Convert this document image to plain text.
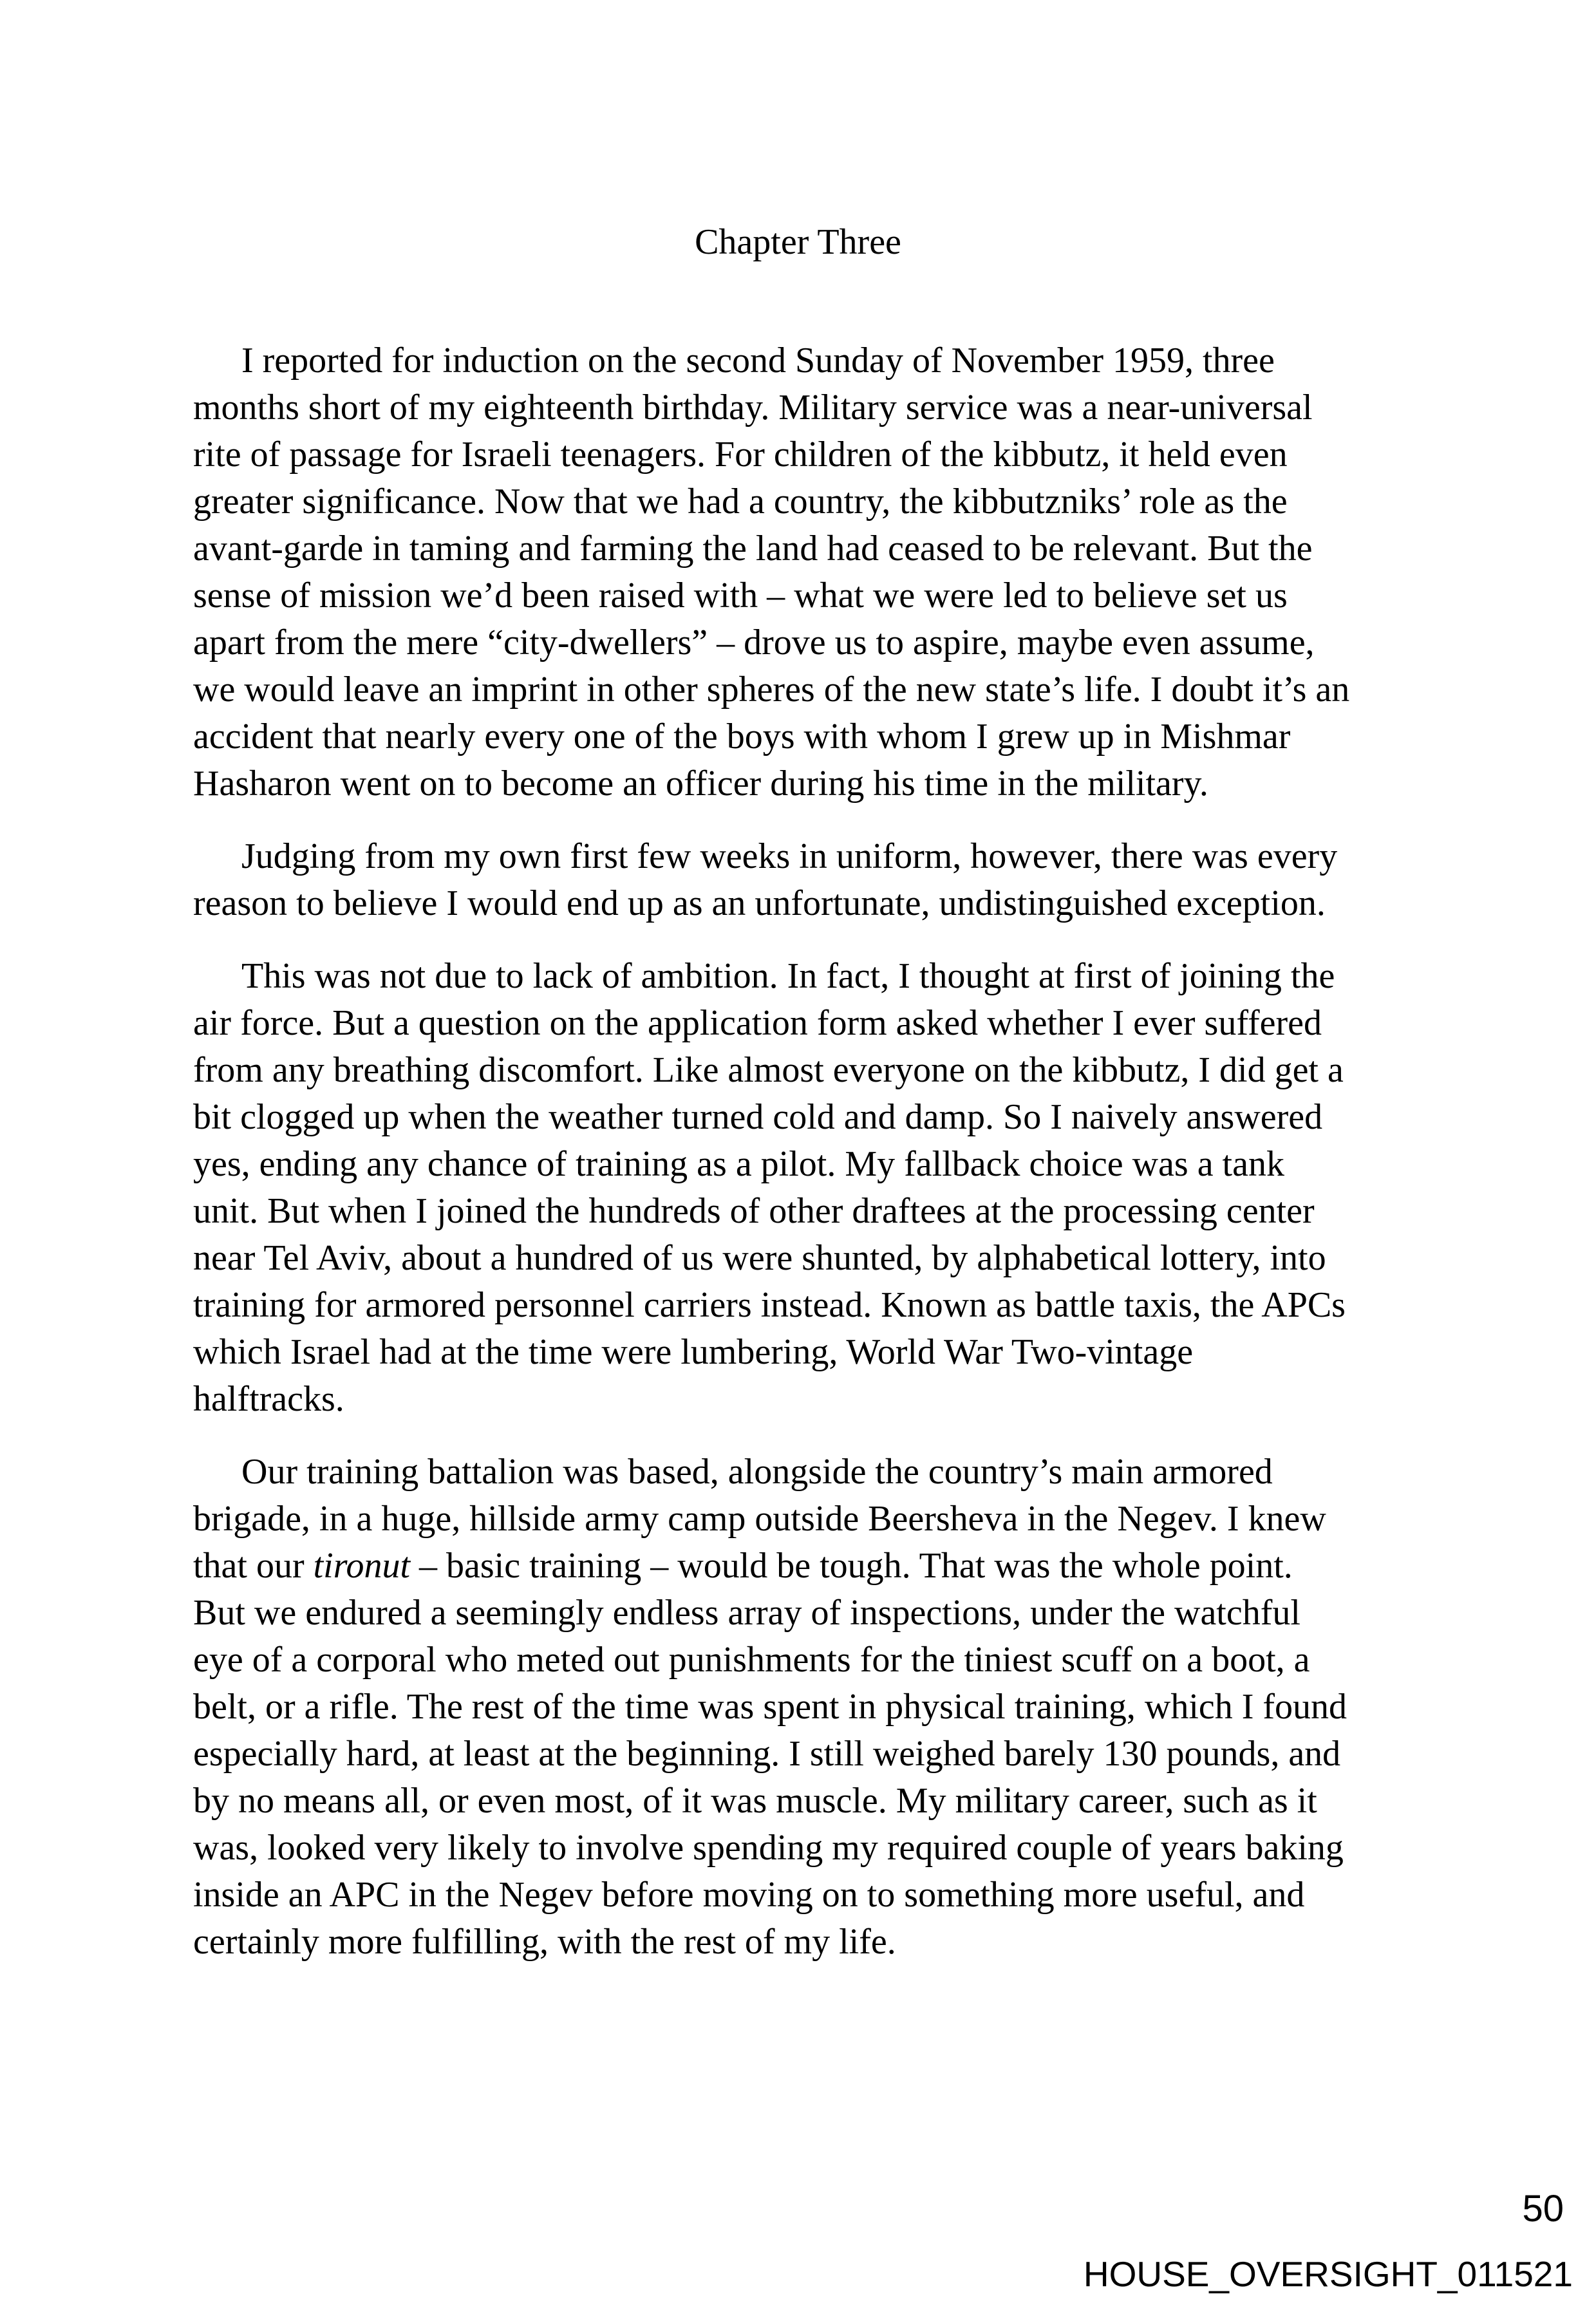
Chapter Three
I reported for induction on the second Sunday of November 1959, three
months short of my eighteenth birthday. Military service was a near-universal
rite of passage for Israeli teenagers. For children of the kibbutz, it held even
greater significance. Now that we had a country, the kibbutzniks’ role as the
avant-garde in taming and farming the land had ceased to be relevant. But the
sense of mission we’d been raised with – what we were led to believe set us
apart from the mere “city-dwellers” – drove us to aspire, maybe even assume,
we would leave an imprint in other spheres of the new state’s life. I doubt it’s an
accident that nearly every one of the boys with whom I grew up in Mishmar
Hasharon went on to become an officer during his time in the military.
Judging from my own first few weeks in uniform, however, there was every
reason to believe I would end up as an unfortunate, undistinguished exception.
This was not due to lack of ambition. In fact, I thought at first of joining the
air force. But a question on the application form asked whether I ever suffered
from any breathing discomfort. Like almost everyone on the kibbutz, I did get a
bit clogged up when the weather turned cold and damp. So I naively answered
yes, ending any chance of training as a pilot. My fallback choice was a tank
unit. But when I joined the hundreds of other draftees at the processing center
near Tel Aviv, about a hundred of us were shunted, by alphabetical lottery, into
training for armored personnel carriers instead. Known as battle taxis, the APCs
which Israel had at the time were lumbering, World War Two-vintage
halftracks.
Our training battalion was based, alongside the country’s main armored
brigade, in a huge, hillside army camp outside Beersheva in the Negev. I knew
that our tironut – basic training – would be tough. That was the whole point.
But we endured a seemingly endless array of inspections, under the watchful
eye of a corporal who meted out punishments for the tiniest scuff on a boot, a
belt, or a rifle. The rest of the time was spent in physical training, which I found
especially hard, at least at the beginning. I still weighed barely 130 pounds, and
by no means all, or even most, of it was muscle. My military career, such as it
was, looked very likely to involve spending my required couple of years baking
inside an APC in the Negev before moving on to something more useful, and
certainly more fulfilling, with the rest of my life.
50
HOUSE_OVERSIGHT_011521
